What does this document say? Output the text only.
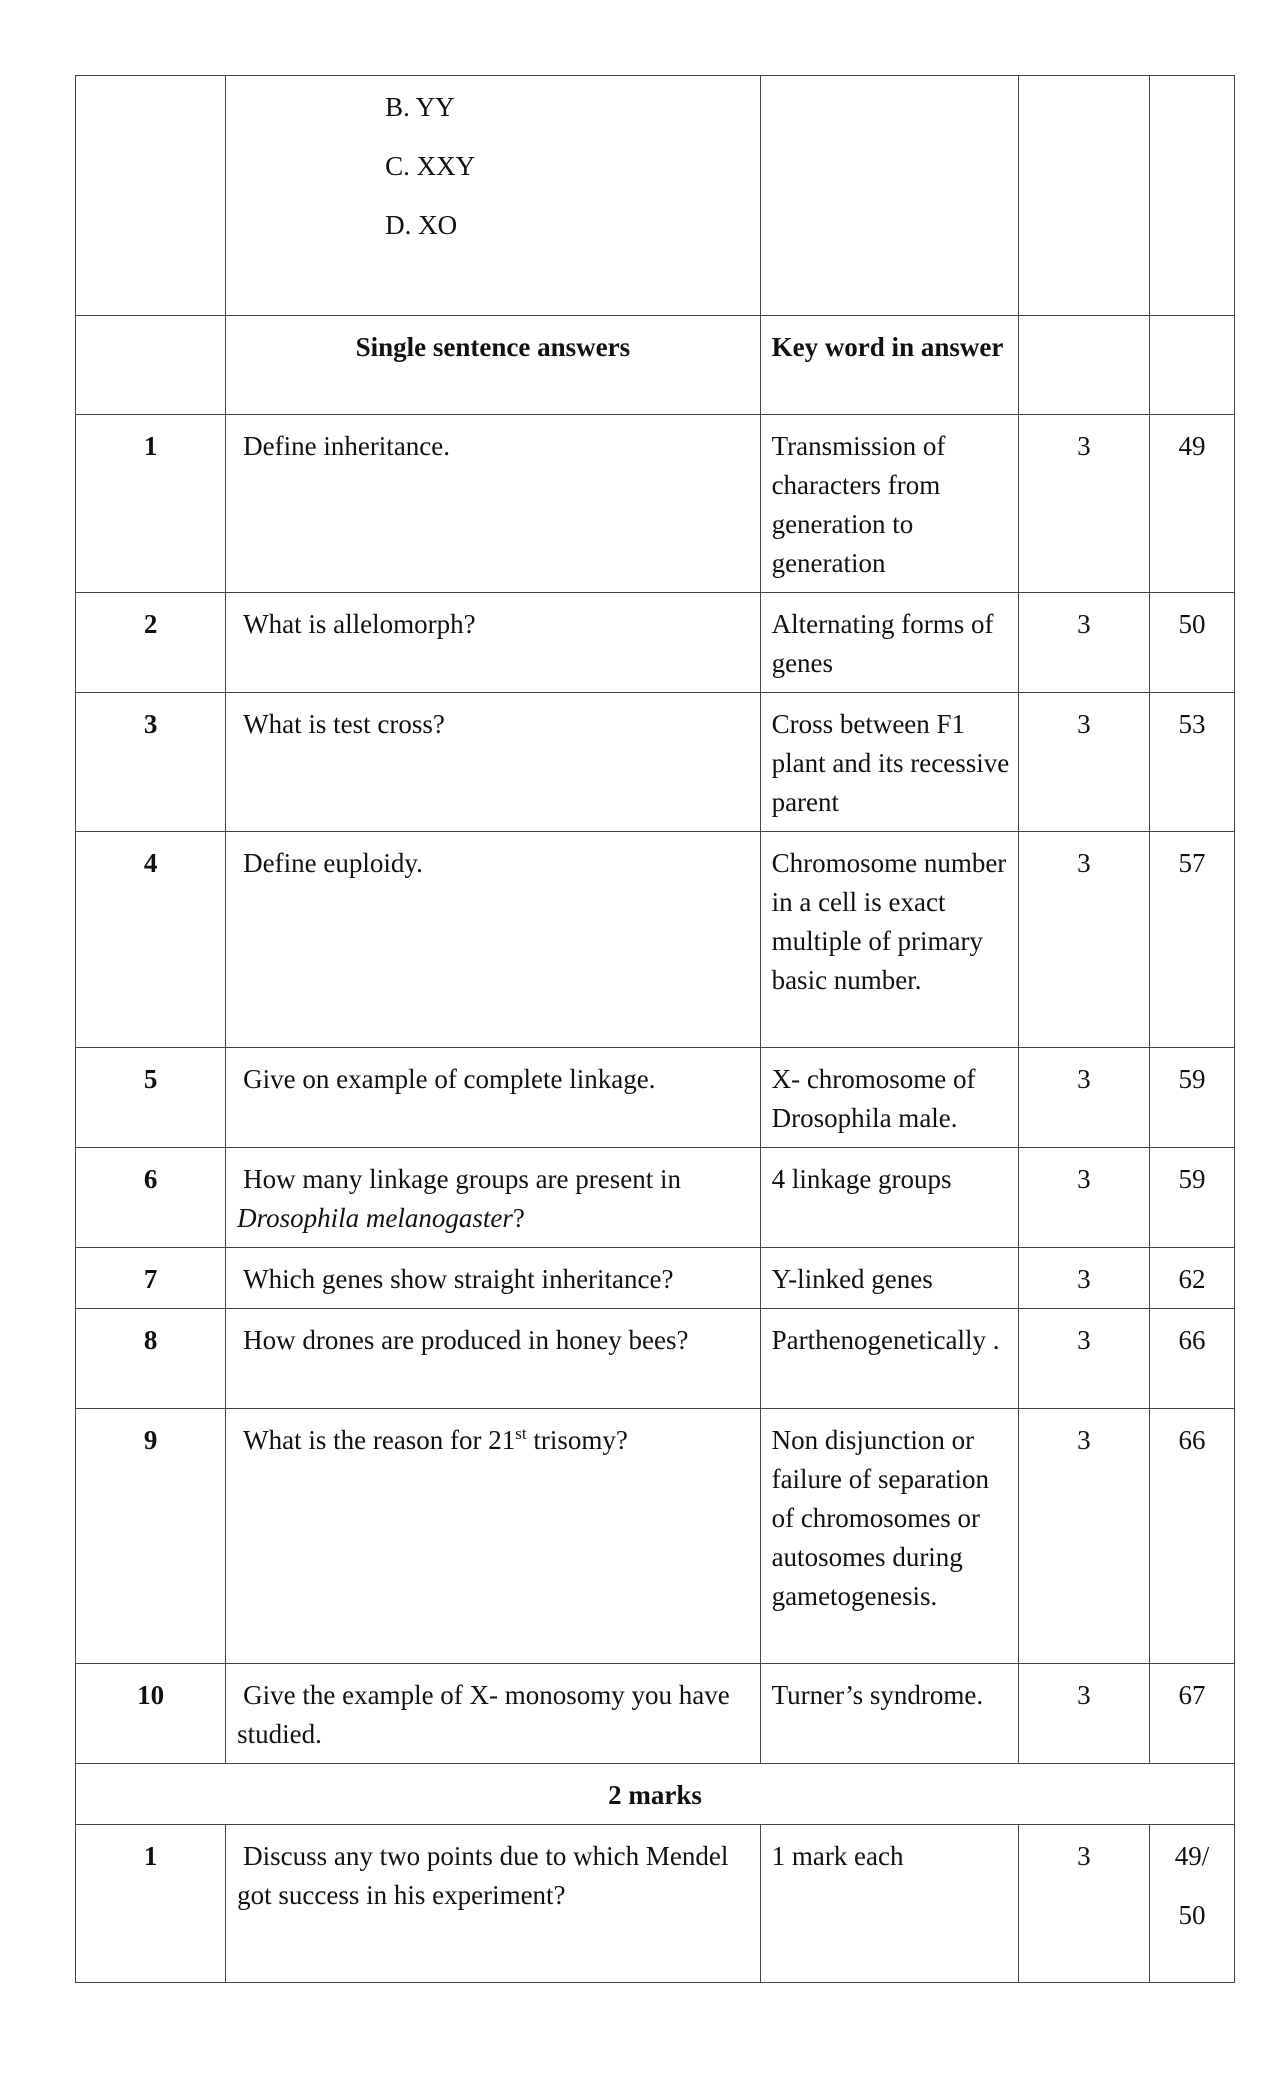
	B. YY
C. XXY
D. XO			

	Single sentence answers	Key word in answer		
1	Define inheritance.	Transmission of characters from generation to generation	3	49
2	What is allelomorph?	Alternating forms of genes	3	50
3	What is test cross?	Cross between F1 plant and its recessive parent	3	53
4	Define euploidy.	Chromosome number in a cell is exact multiple of primary basic number.	3	57
5	Give on example of complete linkage.	X- chromosome of Drosophila male.	3	59
6	How many linkage groups are present in Drosophila melanogaster?	4 linkage groups	3	59
7	Which genes show straight inheritance?	Y-linked genes	3	62
8	How drones are produced in honey bees?	Parthenogenetically .	3	66
9	What is the reason for 21st trisomy?	Non disjunction or failure of separation of chromosomes or autosomes during gametogenesis.	3	66
10	Give the example of X- monosomy you have studied.	Turner’s syndrome.	3	67
2 marks				
1	Discuss any two points due to which Mendel got success in his experiment?	1 mark each	3	49/
50
